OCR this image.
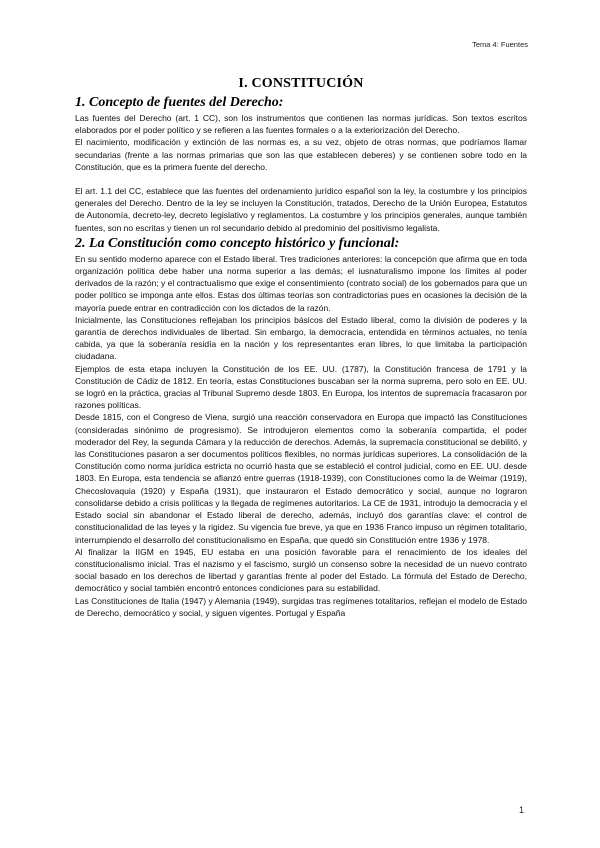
Tema 4: Fuentes
I. CONSTITUCIÓN
1. Concepto de fuentes del Derecho:

Las fuentes del Derecho (art. 1 CC), son los instrumentos que contienen las normas jurídicas. Son textos escritos elaborados por el poder político y se refieren a las fuentes formales o a la exteriorización del Derecho.

El nacimiento, modificación y extinción de las normas es, a su vez, objeto de otras normas, que podríamos llamar secundarias (frente a las normas primarias que son las que establecen deberes) y se contienen sobre todo en la Constitución, que es la primera fuente del derecho.

El art. 1.1 del CC, establece que las fuentes del ordenamiento jurídico español son la ley, la costumbre y los principios generales del Derecho. Dentro de la ley se incluyen la Constitución, tratados, Derecho de la Unión Europea, Estatutos de Autonomía, decreto-ley, decreto legislativo y reglamentos. La costumbre y los principios generales, aunque también fuentes, son no escritas y tienen un rol secundario debido al predominio del positivismo legalista.

2. La Constitución como concepto histórico y funcional:

En su sentido moderno aparece con el Estado liberal. Tres tradiciones anteriores: la concepción que afirma que en toda organización política debe haber una norma superior a las demás; el iusnaturalismo impone los límites al poder derivados de la razón; y el contractualismo que exige el consentimiento (contrato social) de los gobernados para que un poder político se imponga ante ellos. Estas dos últimas teorías son contradictorias pues en ocasiones la decisión de la mayoría puede entrar en contradicción con los dictados de la razón.

Inicialmente, las Constituciones reflejaban los principios básicos del Estado liberal, como la división de poderes y la garantía de derechos individuales de libertad. Sin embargo, la democracia, entendida en términos actuales, no tenía cabida, ya que la soberanía residía en la nación y los representantes eran libres, lo que limitaba la participación ciudadana.

Ejemplos de esta etapa incluyen la Constitución de los EE. UU. (1787), la Constitución francesa de 1791 y la Constitución de Cádiz de 1812. En teoría, estas Constituciones buscaban ser la norma suprema, pero solo en EE. UU. se logró en la práctica, gracias al Tribunal Supremo desde 1803. En Europa, los intentos de supremacía fracasaron por razones políticas.

Desde 1815, con el Congreso de Viena, surgió una reacción conservadora en Europa que impactó las Constituciones (consideradas sinónimo de progresismo). Se introdujeron elementos como la soberanía compartida, el poder moderador del Rey, la segunda Cámara y la reducción de derechos. Además, la supremacía constitucional se debilitó, y las Constituciones pasaron a ser documentos políticos flexibles, no normas jurídicas superiores. La consolidación de la Constitución como norma jurídica estricta no ocurrió hasta que se estableció el control judicial, como en EE. UU. desde 1803. En Europa, esta tendencia se afianzó entre guerras (1918-1939), con Constituciones como la de Weimar (1919), Checoslovaquia (1920) y España (1931), que instauraron el Estado democrático y social, aunque no lograron consolidarse debido a crisis políticas y la llegada de regímenes autoritarios. La CE de 1931, introdujo la democracia y el Estado social sin abandonar el Estado liberal de derecho, además, incluyó dos garantías clave: el control de constitucionalidad de las leyes y la rigidez. Su vigencia fue breve, ya que en 1936 Franco impuso un régimen totalitario, interrumpiendo el desarrollo del constitucionalismo en España, que quedó sin Constitución entre 1936 y 1978.

Al finalizar la IIGM en 1945, EU estaba en una posición favorable para el renacimiento de los ideales del constitucionalismo inicial. Tras el nazismo y el fascismo, surgió un consenso sobre la necesidad de un nuevo contrato social basado en los derechos de libertad y garantías frente al poder del Estado. La fórmula del Estado de Derecho, democrático y social también encontró entonces condiciones para su estabilidad.

Las Constituciones de Italia (1947) y Alemania (1949), surgidas tras regímenes totalitarios, reflejan el modelo de Estado de Derecho, democrático y social, y siguen vigentes. Portugal y España

1
